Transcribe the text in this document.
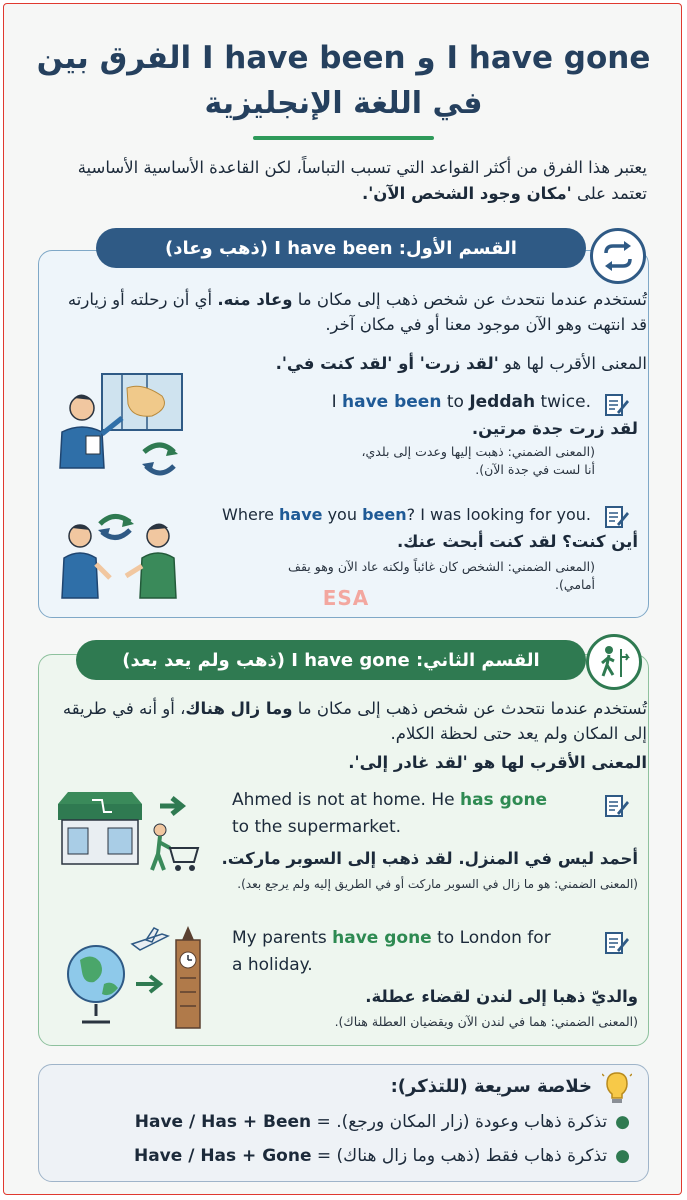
الفرق بين I have been و I have gone
في اللغة الإنجليزية
يعتبر هذا الفرق من أكثر القواعد التي تسبب التباساً، لكن القاعدة الأساسية الأساسية تعتمد على 'مكان وجود الشخص الآن'.
القسم الأول: I have been (ذهب وعاد)
تُستخدم عندما نتحدث عن شخص ذهب إلى مكان ما وعاد منه. أي أن رحلته أو زيارته قد انتهت وهو الآن موجود معنا أو في مكان آخر.
المعنى الأقرب لها هو 'لقد زرت' أو 'لقد كنت في'.
I have been to Jeddah twice.
لقد زرت جدة مرتين.
(المعنى الضمني: ذهبت إليها وعدت إلى بلدي، أنا لست في جدة الآن).
Where have you been? I was looking for you.
أين كنت؟ لقد كنت أبحث عنك.
(المعنى الضمني: الشخص كان غائباً ولكنه عاد الآن وهو يقف أمامي).
ESA
القسم الثاني: I have gone (ذهب ولم يعد بعد)
تُستخدم عندما نتحدث عن شخص ذهب إلى مكان ما وما زال هناك، أو أنه في طريقه إلى المكان ولم يعد حتى لحظة الكلام.
المعنى الأقرب لها هو 'لقد غادر إلى'.
Ahmed is not at home. He has gone
to the supermarket.
أحمد ليس في المنزل. لقد ذهب إلى السوبر ماركت.
(المعنى الضمني: هو ما زال في السوبر ماركت أو في الطريق إليه ولم يرجع بعد).
My parents have gone to London for
a holiday.
والديّ ذهبا إلى لندن لقضاء عطلة.
(المعنى الضمني: هما في لندن الآن ويقضيان العطلة هناك).
خلاصة سريعة (للتذكر):
●تذكرة ذهاب وعودة (زار المكان ورجع). = Have / Has + Been
●تذكرة ذهاب فقط (ذهب وما زال هناك) = Have / Has + Gone
